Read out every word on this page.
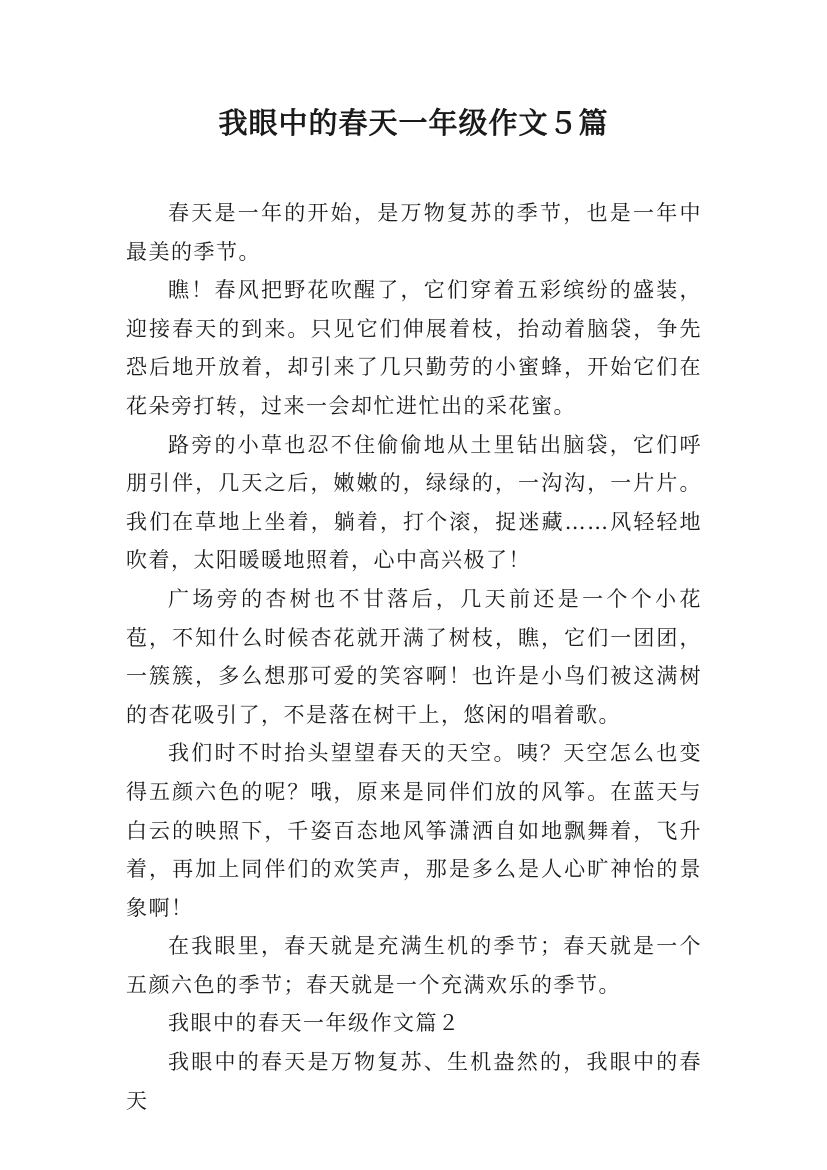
我眼中的春天一年级作文５篇

春天是一年的开始，是万物复苏的季节，也是一年中最美的季节。

瞧！春风把野花吹醒了，它们穿着五彩缤纷的盛装，迎接春天的到来。只见它们伸展着枝，抬动着脑袋，争先恐后地开放着，却引来了几只勤劳的小蜜蜂，开始它们在花朵旁打转，过来一会却忙进忙出的采花蜜。

路旁的小草也忍不住偷偷地从土里钻出脑袋，它们呼朋引伴，几天之后，嫩嫩的，绿绿的，一沟沟，一片片。我们在草地上坐着，躺着，打个滚，捉迷藏……风轻轻地吹着，太阳暖暖地照着，心中高兴极了！

广场旁的杏树也不甘落后，几天前还是一个个小花苞，不知什么时候杏花就开满了树枝，瞧，它们一团团，一簇簇，多么想那可爱的笑容啊！也许是小鸟们被这满树的杏花吸引了，不是落在树干上，悠闲的唱着歌。

我们时不时抬头望望春天的天空。咦？天空怎么也变得五颜六色的呢？哦，原来是同伴们放的风筝。在蓝天与白云的映照下，千姿百态地风筝潇洒自如地飘舞着，飞升着，再加上同伴们的欢笑声，那是多么是人心旷神怡的景象啊！

在我眼里，春天就是充满生机的季节；春天就是一个五颜六色的季节；春天就是一个充满欢乐的季节。

我眼中的春天一年级作文篇２

我眼中的春天是万物复苏、生机盎然的，我眼中的春天
